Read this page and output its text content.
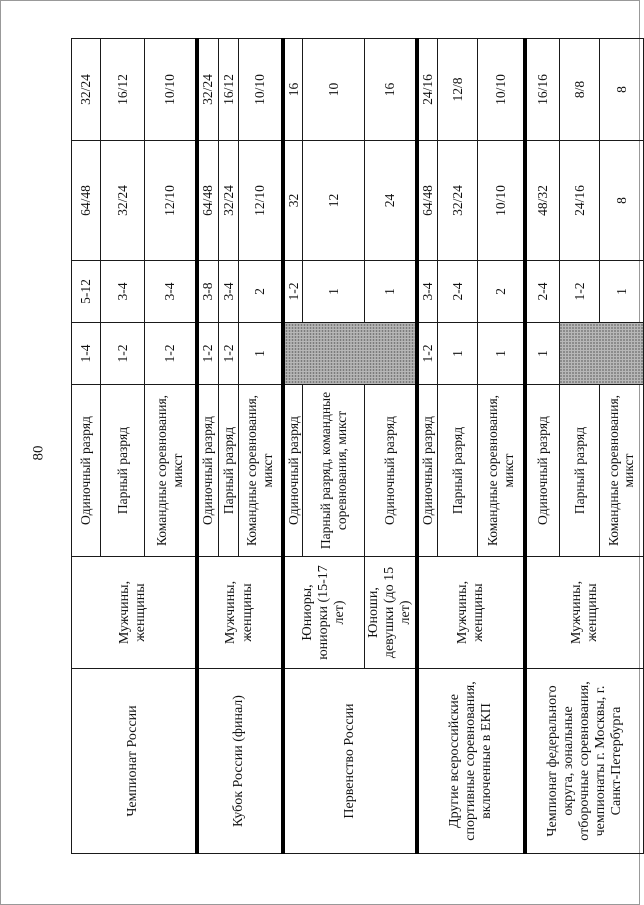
80
Чемпионат России	Мужчины, женщины	Одиночный разряд	1-4	5-12	64/48	32/24
		Парный разряд	1-2	3-4	32/24	16/12
		Командные соревнования, микст	1-2	3-4	12/10	10/10
Кубок России (финал)	Мужчины, женщины	Одиночный разряд	1-2	3-8	64/48	32/24
		Парный разряд	1-2	3-4	32/24	16/12
		Командные соревнования, микст	1	2	12/10	10/10
Первенство России	Юниоры, юниорки (15-17 лет)	Одиночный разряд		1-2	32	16
		Парный разряд, командные соревнования, микст		1	12	10
	Юноши, девушки (до 15 лет)	Одиночный разряд		1	24	16
Другие всероссийские спортивные соревнования, включенные в ЕКП	Мужчины, женщины	Одиночный разряд	1-2	3-4	64/48	24/16
		Парный разряд	1	2-4	32/24	12/8
		Командные соревнования, микст	1	2	10/10	10/10
Чемпионат федерального округа, зональные отборочные соревнования, чемпионаты г. Москвы, г. Санкт-Петербурга	Мужчины, женщины	Одиночный разряд	1	2-4	48/32	16/16
		Парный разряд		1-2	24/16	8/8
		Командные соревнования, микст		1	8	8
